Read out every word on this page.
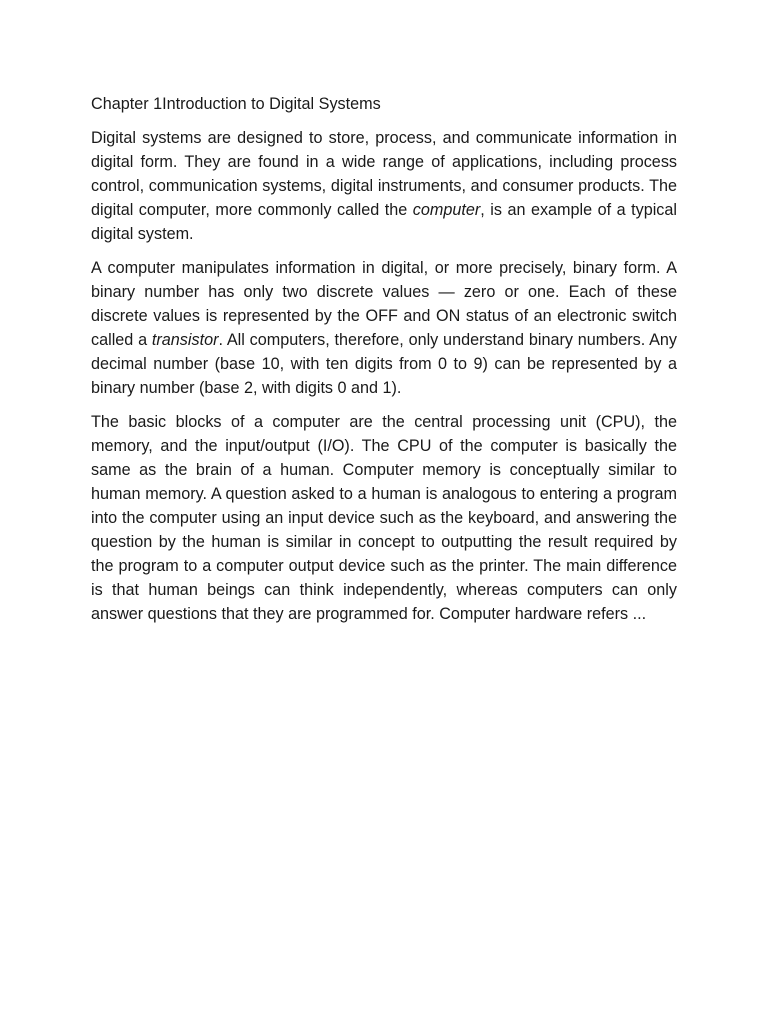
Chapter 1Introduction to Digital Systems

Digital systems are designed to store, process, and communicate information in digital form. They are found in a wide range of applications, including process control, communication systems, digital instruments, and consumer products. The digital computer, more commonly called the computer, is an example of a typical digital system.

A computer manipulates information in digital, or more precisely, binary form. A binary number has only two discrete values — zero or one. Each of these discrete values is represented by the OFF and ON status of an electronic switch called a transistor. All computers, therefore, only understand binary numbers. Any decimal number (base 10, with ten digits from 0 to 9) can be represented by a binary number (base 2, with digits 0 and 1).

The basic blocks of a computer are the central processing unit (CPU), the memory, and the input/output (I/O). The CPU of the computer is basically the same as the brain of a human. Computer memory is conceptually similar to human memory. A question asked to a human is analogous to entering a program into the computer using an input device such as the keyboard, and answering the question by the human is similar in concept to outputting the result required by the program to a computer output device such as the printer. The main difference is that human beings can think independently, whereas computers can only answer questions that they are programmed for. Computer hardware refers ...
